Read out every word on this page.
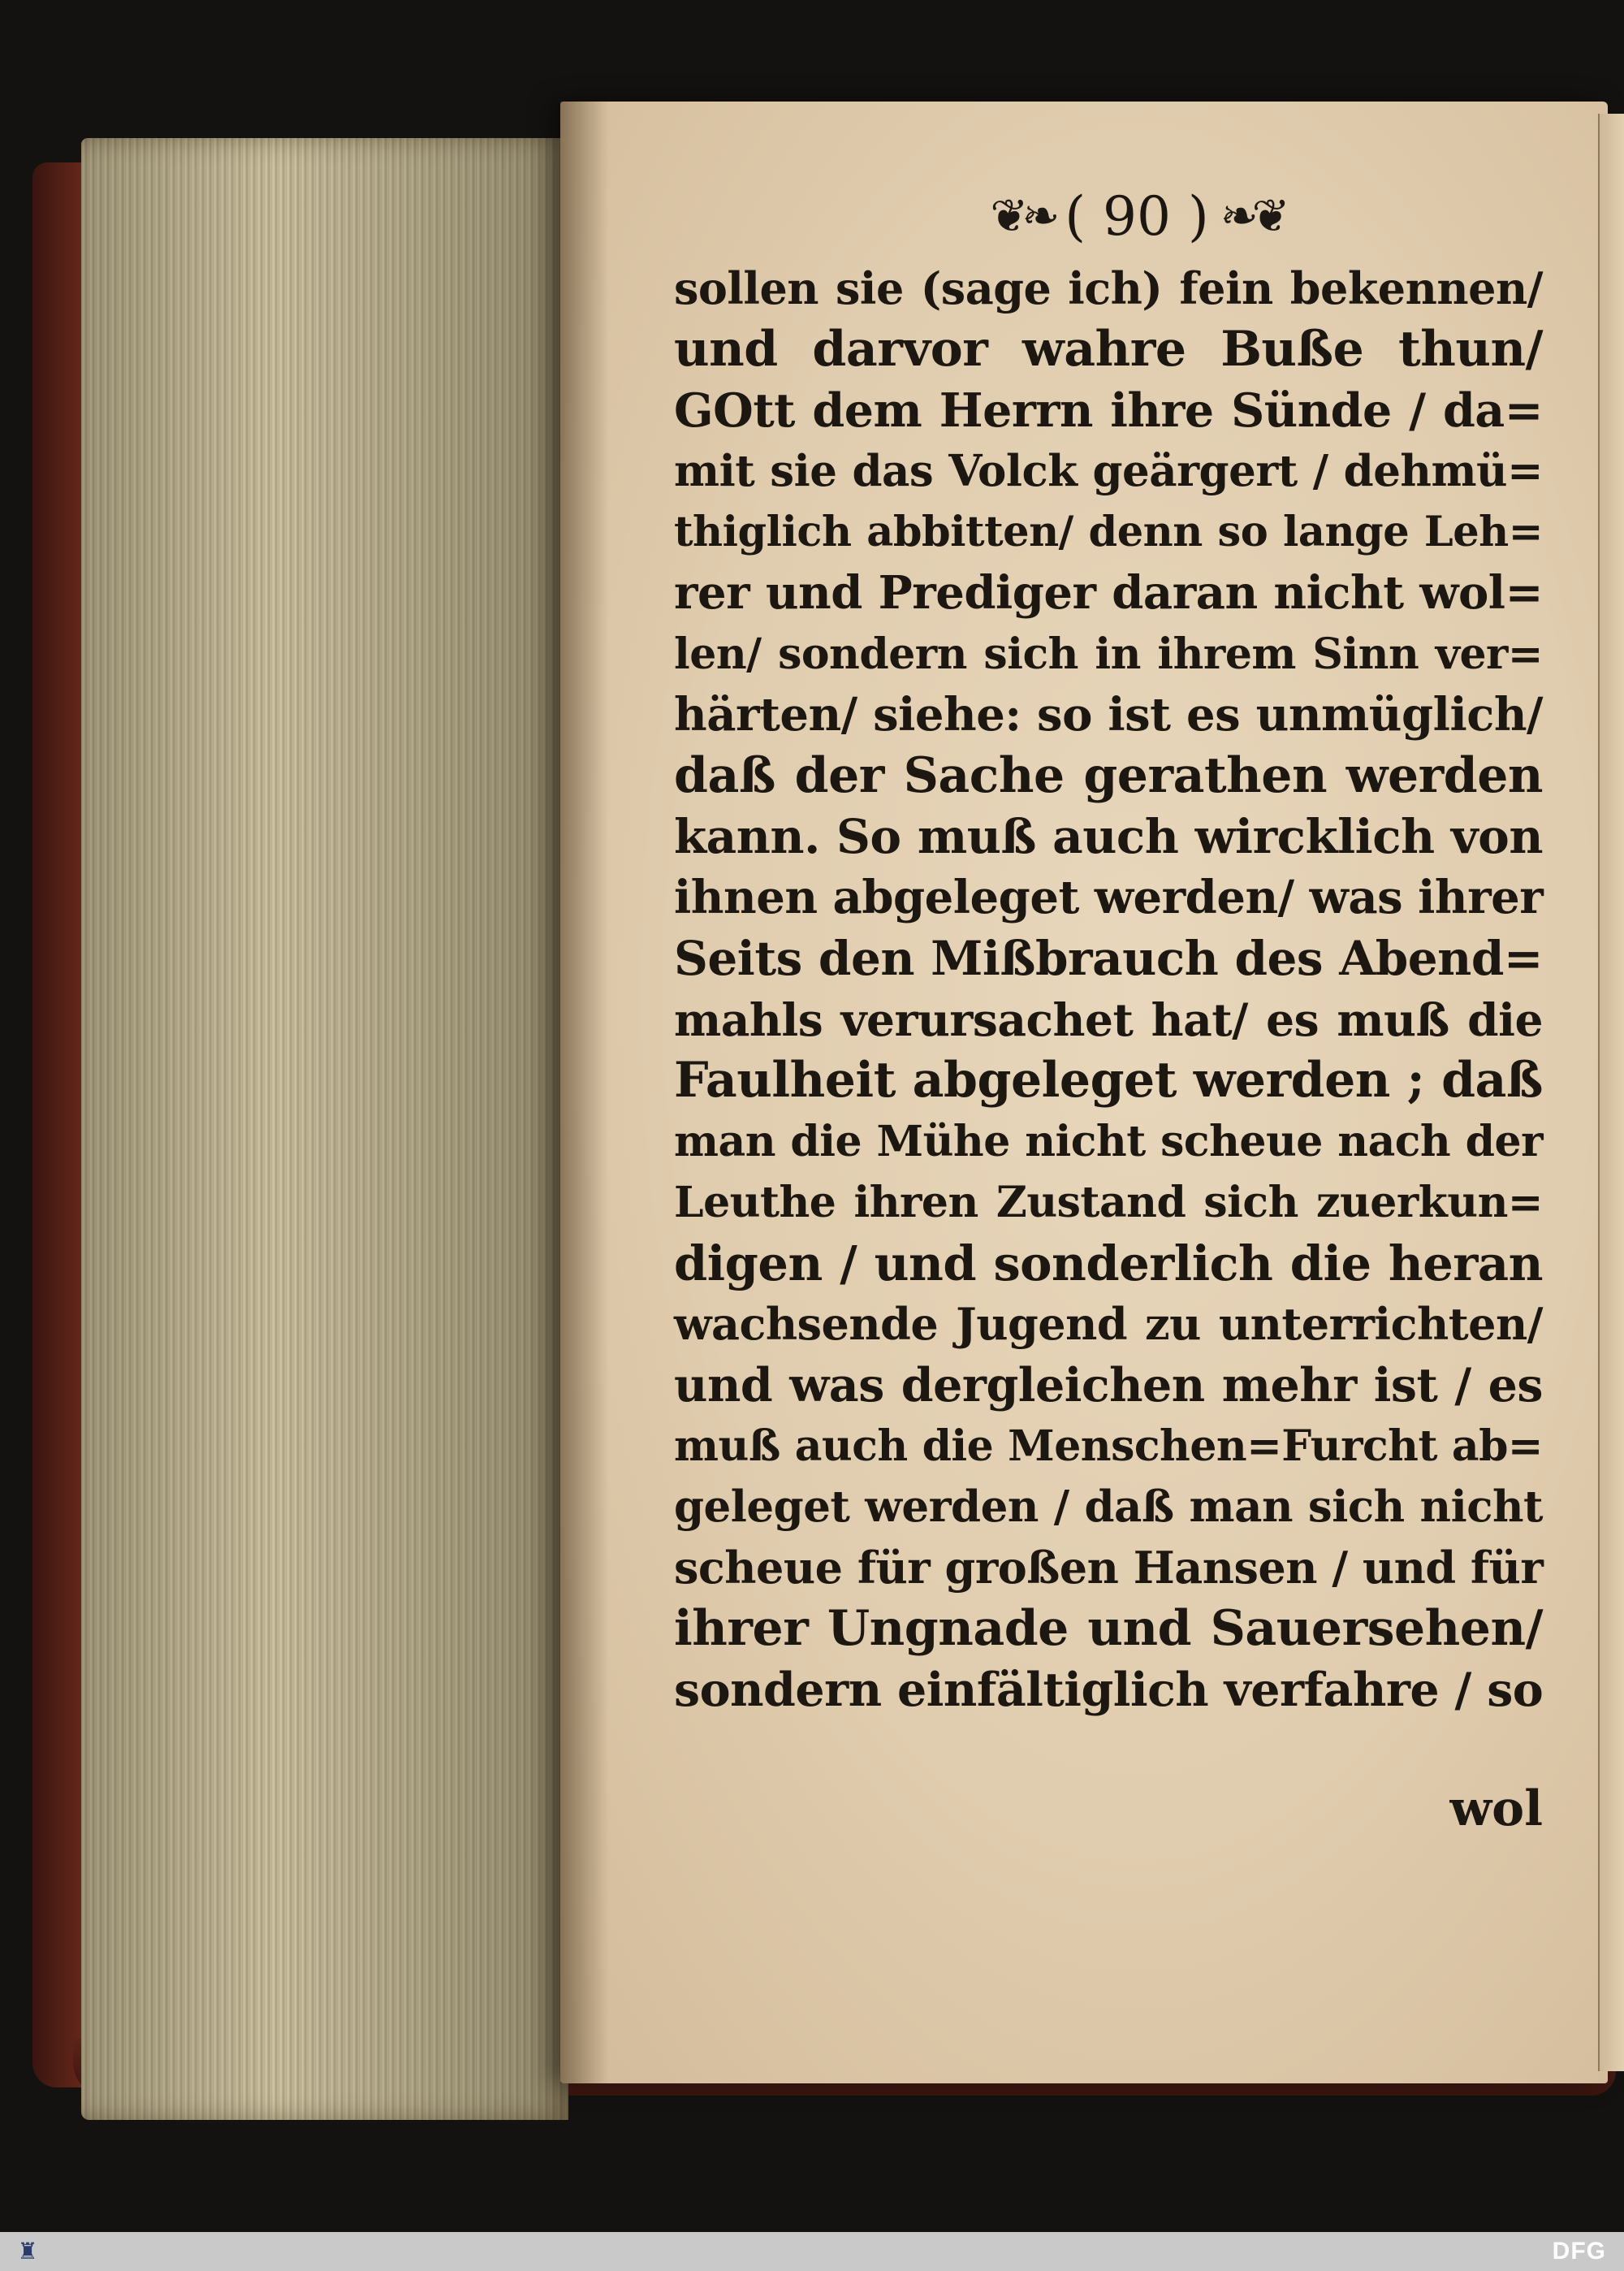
❦❧ ( 90 ) ❧❦
sollen sie (sage ich) fein bekennen/
und darvor wahre Buße thun/
GOtt dem Herrn ihre Sünde / da=
mit sie das Volck geärgert / dehmü=
thiglich abbitten/ denn so lange Leh=
rer und Prediger daran nicht wol=
len/ sondern sich in ihrem Sinn ver=
härten/ siehe: so ist es unmüglich/
daß der Sache gerathen werden
kann. So muß auch wircklich von
ihnen abgeleget werden/ was ihrer
Seits den Mißbrauch des Abend=
mahls verursachet hat/ es muß die
Faulheit abgeleget werden ; daß
man die Mühe nicht scheue nach der
Leuthe ihren Zustand sich zuerkun=
digen / und sonderlich die heran
wachsende Jugend zu unterrichten/
und was dergleichen mehr ist / es
muß auch die Menschen=Furcht ab=
geleget werden / daß man sich nicht
scheue für großen Hansen / und für
ihrer Ungnade und Sauersehen/
sondern einfältiglich verfahre / so
wol
♜	DFG
